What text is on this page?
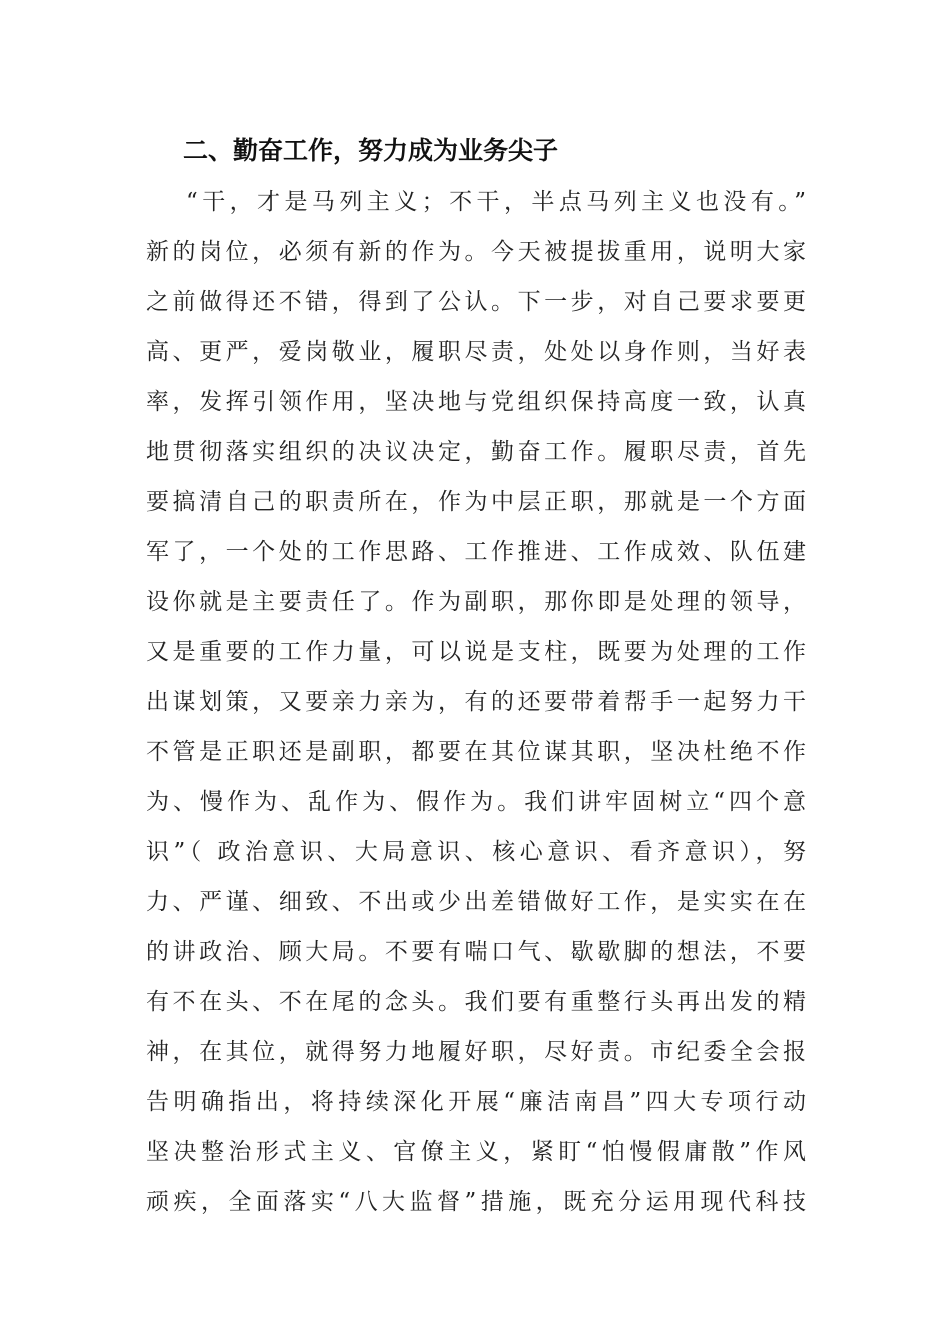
二、勤奋工作，努力成为业务尖子
“干，才是马列主义；不干，半点马列主义也没有。”
新的岗位，必须有新的作为。今天被提拔重用，说明大家
之前做得还不错，得到了公认。下一步，对自己要求要更
高、更严，爱岗敬业，履职尽责，处处以身作则，当好表
率，发挥引领作用，坚决地与党组织保持高度一致，认真
地贯彻落实组织的决议决定，勤奋工作。履职尽责，首先
要搞清自己的职责所在，作为中层正职，那就是一个方面
军了，一个处的工作思路、工作推进、工作成效、队伍建
设你就是主要责任了。作为副职，那你即是处理的领导，
又是重要的工作力量，可以说是支柱，既要为处理的工作
出谋划策，又要亲力亲为，有的还要带着帮手一起努力干
不管是正职还是副职，都要在其位谋其职，坚决杜绝不作
为、慢作为、乱作为、假作为。我们讲牢固树立“四个意
识”（ 政治意识、大局意识、核心意识、看齐意识），努
力、严谨、细致、不出或少出差错做好工作，是实实在在
的讲政治、顾大局。不要有喘口气、歇歇脚的想法，不要
有不在头、不在尾的念头。我们要有重整行头再出发的精
神，在其位，就得努力地履好职，尽好责。市纪委全会报
告明确指出，将持续深化开展“廉洁南昌”四大专项行动
坚决整治形式主义、官僚主义，紧盯“怕慢假庸散”作风
顽疾，全面落实“八大监督”措施，既充分运用现代科技
